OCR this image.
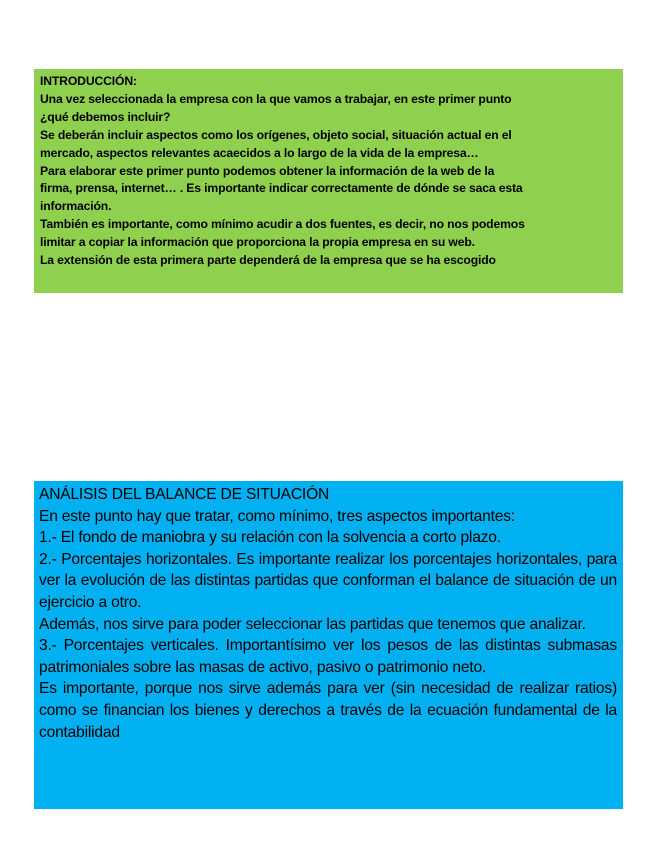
INTRODUCCIÓN:

Una vez seleccionada la empresa con la que vamos a trabajar, en este primer punto

¿qué debemos incluir?

Se deberán incluir aspectos como los orígenes, objeto social, situación actual en el

mercado, aspectos relevantes acaecidos a lo largo de la vida de la empresa…

Para elaborar este primer punto podemos obtener la información de la web de la

firma, prensa, internet… . Es importante indicar correctamente de dónde se saca esta

información.

También es importante, como mínimo acudir a dos fuentes, es decir, no nos podemos

limitar a copiar la información que proporciona la propia empresa en su web.

La extensión de esta primera parte dependerá de la empresa que se ha escogido

ANÁLISIS DEL BALANCE DE SITUACIÓN

En este punto hay que tratar, como mínimo, tres aspectos importantes:

1.- El fondo de maniobra y su relación con la solvencia a corto plazo.

2.- Porcentajes horizontales. Es importante realizar los porcentajes horizontales, para ver la evolución de las distintas partidas que conforman el balance de situación de un ejercicio a otro.

Además, nos sirve para poder seleccionar las partidas que tenemos que analizar.

3.- Porcentajes verticales. Importantísimo ver los pesos de las distintas submasas patrimoniales sobre las masas de activo, pasivo o patrimonio neto.

Es importante, porque nos sirve además para ver (sin necesidad de realizar ratios) como se financian los bienes y derechos a través de la ecuación fundamental de la contabilidad
